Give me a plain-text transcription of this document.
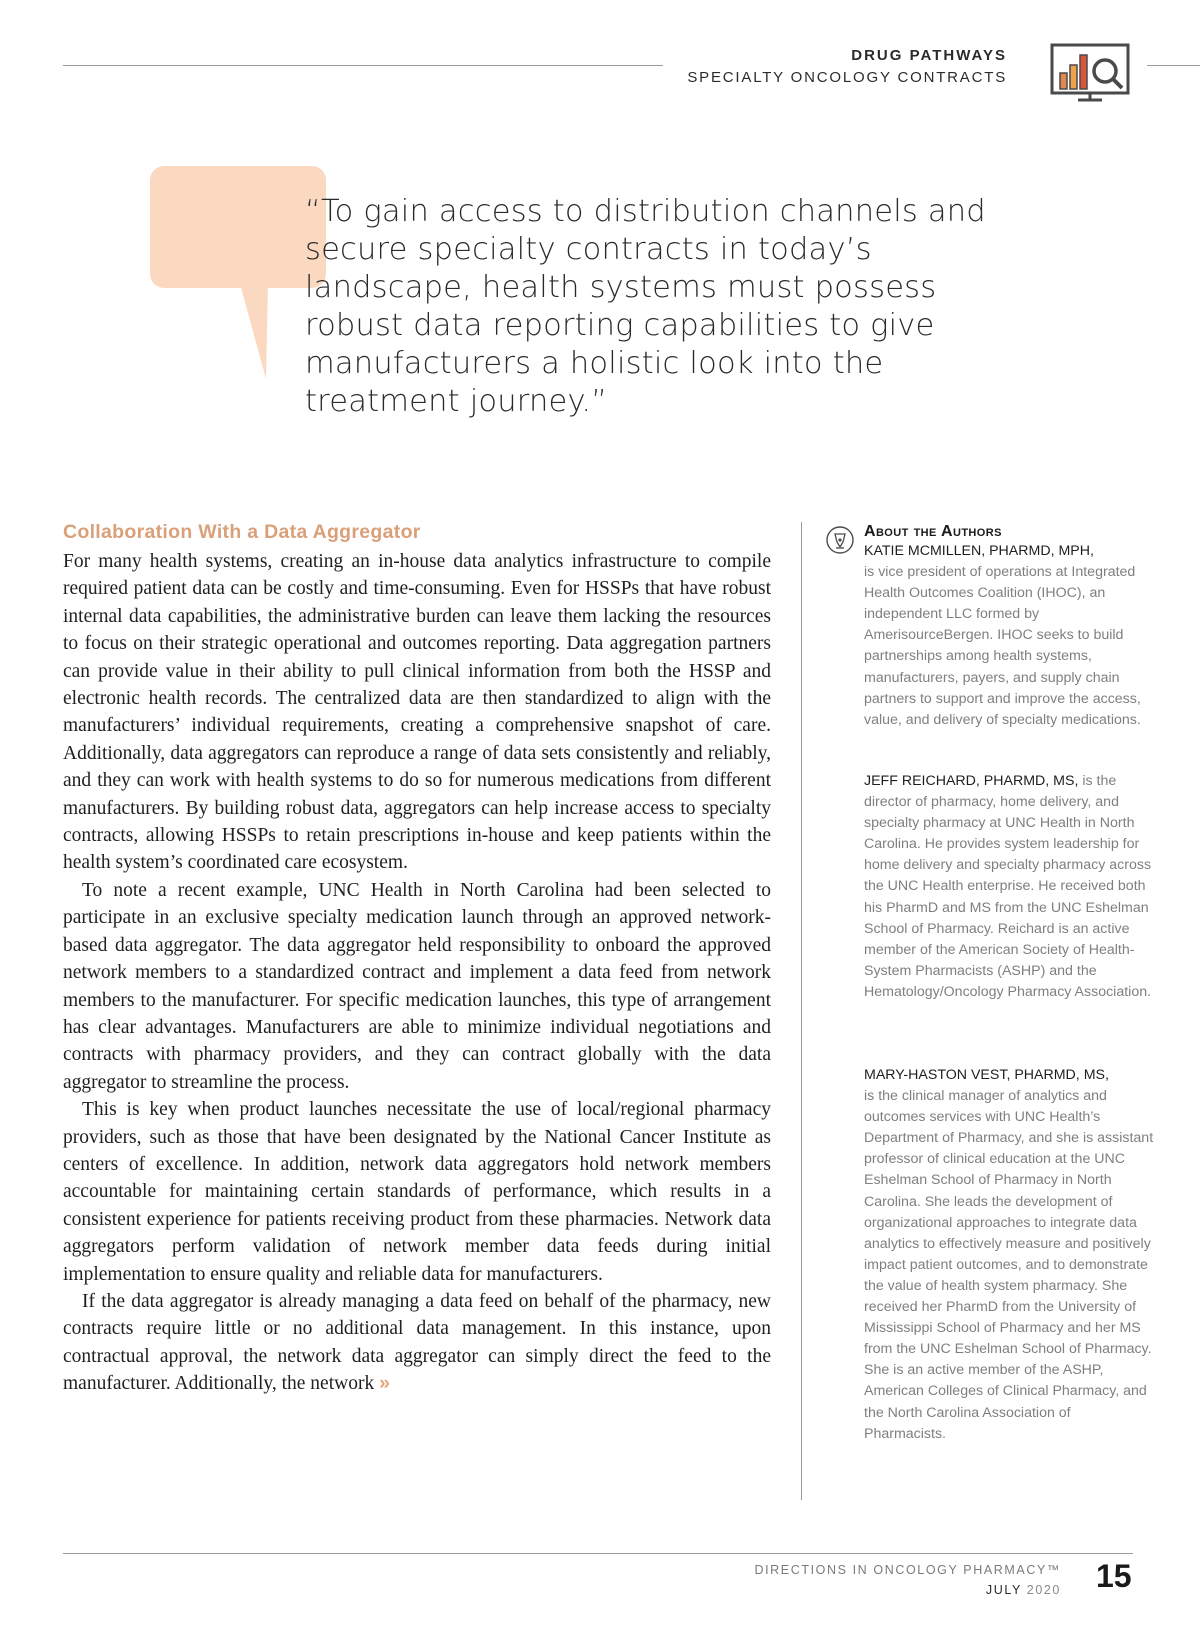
DRUG PATHWAYS
SPECIALTY ONCOLOGY CONTRACTS
“To gain access to distribution channels and secure specialty contracts in today’s landscape, health systems must possess robust data reporting capabilities to give manufacturers a holistic look into the treatment journey.”
Collaboration With a Data Aggregator

For many health systems, creating an in-house data analytics infrastructure to compile required patient data can be costly and time-consuming. Even for HSSPs that have robust internal data capabilities, the administrative burden can leave them lacking the resources to focus on their strategic operational and outcomes reporting. Data aggregation partners can provide value in their ability to pull clinical information from both the HSSP and electronic health records. The centralized data are then standardized to align with the manufacturers’ individual requirements, creating a comprehensive snapshot of care. Additionally, data aggregators can reproduce a range of data sets consistently and reliably, and they can work with health systems to do so for numerous medications from different manufacturers. By building robust data, aggregators can help increase access to specialty contracts, allowing HSSPs to retain prescriptions in-house and keep patients within the health system’s coordinated care ecosystem.

To note a recent example, UNC Health in North Carolina had been selected to participate in an exclusive specialty medication launch through an approved network-based data aggregator. The data aggregator held responsibility to onboard the approved network members to a standardized contract and implement a data feed from network members to the manufacturer. For specific medication launches, this type of arrangement has clear advantages. Manufacturers are able to minimize individual negotiations and contracts with pharmacy providers, and they can contract globally with the data aggregator to streamline the process.

This is key when product launches necessitate the use of local/regional pharmacy providers, such as those that have been designated by the National Cancer Institute as centers of excellence. In addition, network data aggregators hold network members accountable for maintaining certain standards of performance, which results in a consistent experience for patients receiving product from these pharmacies. Network data aggregators perform validation of network member data feeds during initial implementation to ensure quality and reliable data for manufacturers.

If the data aggregator is already managing a data feed on behalf of the pharmacy, new contracts require little or no additional data management. In this instance, upon contractual approval, the network data aggregator can simply direct the feed to the manufacturer. Additionally, the network »

About the Authors
KATIE MCMILLEN, PHARMD, MPH,
is vice president of operations at Integrated Health Outcomes Coalition (IHOC), an independent LLC formed by AmerisourceBergen. IHOC seeks to build partnerships among health systems, manufacturers, payers, and supply chain partners to support and improve the access, value, and delivery of specialty medications.
JEFF REICHARD, PHARMD, MS, is the director of pharmacy, home delivery, and specialty pharmacy at UNC Health in North Carolina. He provides system leadership for home delivery and specialty pharmacy across the UNC Health enterprise. He received both his PharmD and MS from the UNC Eshelman School of Pharmacy. Reichard is an active member of the American Society of Health-System Pharmacists (ASHP) and the Hematology/Oncology Pharmacy Association.
MARY-HASTON VEST, PHARMD, MS,
is the clinical manager of analytics and outcomes services with UNC Health’s Department of Pharmacy, and she is assistant professor of clinical education at the UNC Eshelman School of Pharmacy in North Carolina. She leads the development of organizational approaches to integrate data analytics to effectively measure and positively impact patient outcomes, and to demonstrate the value of health system pharmacy. She received her PharmD from the University of Mississippi School of Pharmacy and her MS from the UNC Eshelman School of Pharmacy. She is an active member of the ASHP, American Colleges of Clinical Pharmacy, and the North Carolina Association of Pharmacists.
DIRECTIONS IN ONCOLOGY PHARMACY™
JULY 2020 15
